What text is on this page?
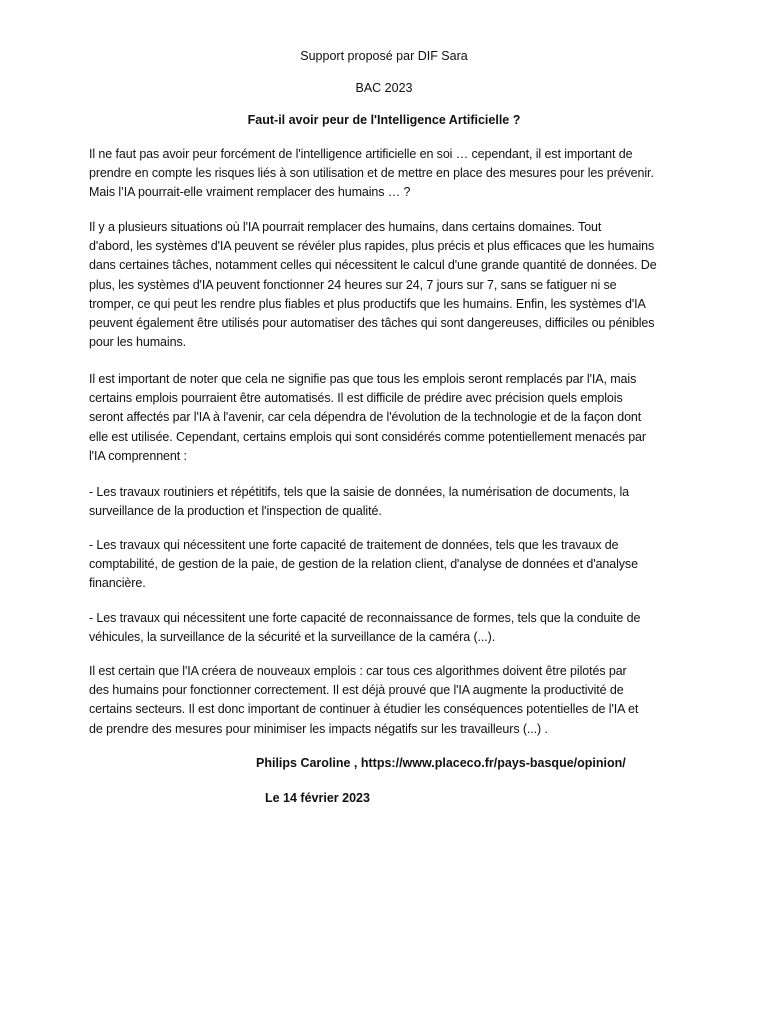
Support proposé par DIF Sara

BAC 2023

Faut-il avoir peur de l'Intelligence Artificielle ?

Il ne faut pas avoir peur forcément de l'intelligence artificielle en soi … cependant, il est important de
prendre en compte les risques liés à son utilisation et de mettre en place des mesures pour les prévenir.
Mais l’IA pourrait-elle vraiment remplacer des humains … ?

Il y a plusieurs situations où l'IA pourrait remplacer des humains, dans certains domaines. Tout
d'abord, les systèmes d'IA peuvent se révéler plus rapides, plus précis et plus efficaces que les humains
dans certaines tâches, notamment celles qui nécessitent le calcul d'une grande quantité de données. De
plus, les systèmes d'IA peuvent fonctionner 24 heures sur 24, 7 jours sur 7, sans se fatiguer ni se
tromper, ce qui peut les rendre plus fiables et plus productifs que les humains. Enfin, les systèmes d'IA
peuvent également être utilisés pour automatiser des tâches qui sont dangereuses, difficiles ou pénibles
pour les humains.

Il est important de noter que cela ne signifie pas que tous les emplois seront remplacés par l'IA, mais
certains emplois pourraient être automatisés. Il est difficile de prédire avec précision quels emplois
seront affectés par l'IA à l'avenir, car cela dépendra de l'évolution de la technologie et de la façon dont
elle est utilisée. Cependant, certains emplois qui sont considérés comme potentiellement menacés par
l'IA comprennent :

- Les travaux routiniers et répétitifs, tels que la saisie de données, la numérisation de documents, la
surveillance de la production et l'inspection de qualité.

- Les travaux qui nécessitent une forte capacité de traitement de données, tels que les travaux de
comptabilité, de gestion de la paie, de gestion de la relation client, d'analyse de données et d'analyse
financière.

- Les travaux qui nécessitent une forte capacité de reconnaissance de formes, tels que la conduite de
véhicules, la surveillance de la sécurité et la surveillance de la caméra (...).

Il est certain que l'IA créera de nouveaux emplois : car tous ces algorithmes doivent être pilotés par
des humains pour fonctionner correctement. Il est déjà prouvé que l'IA augmente la productivité de
certains secteurs. Il est donc important de continuer à étudier les conséquences potentielles de l'IA et
de prendre des mesures pour minimiser les impacts négatifs sur les travailleurs (...) .

Philips Caroline , https://www.placeco.fr/pays-basque/opinion/

Le 14 février 2023
